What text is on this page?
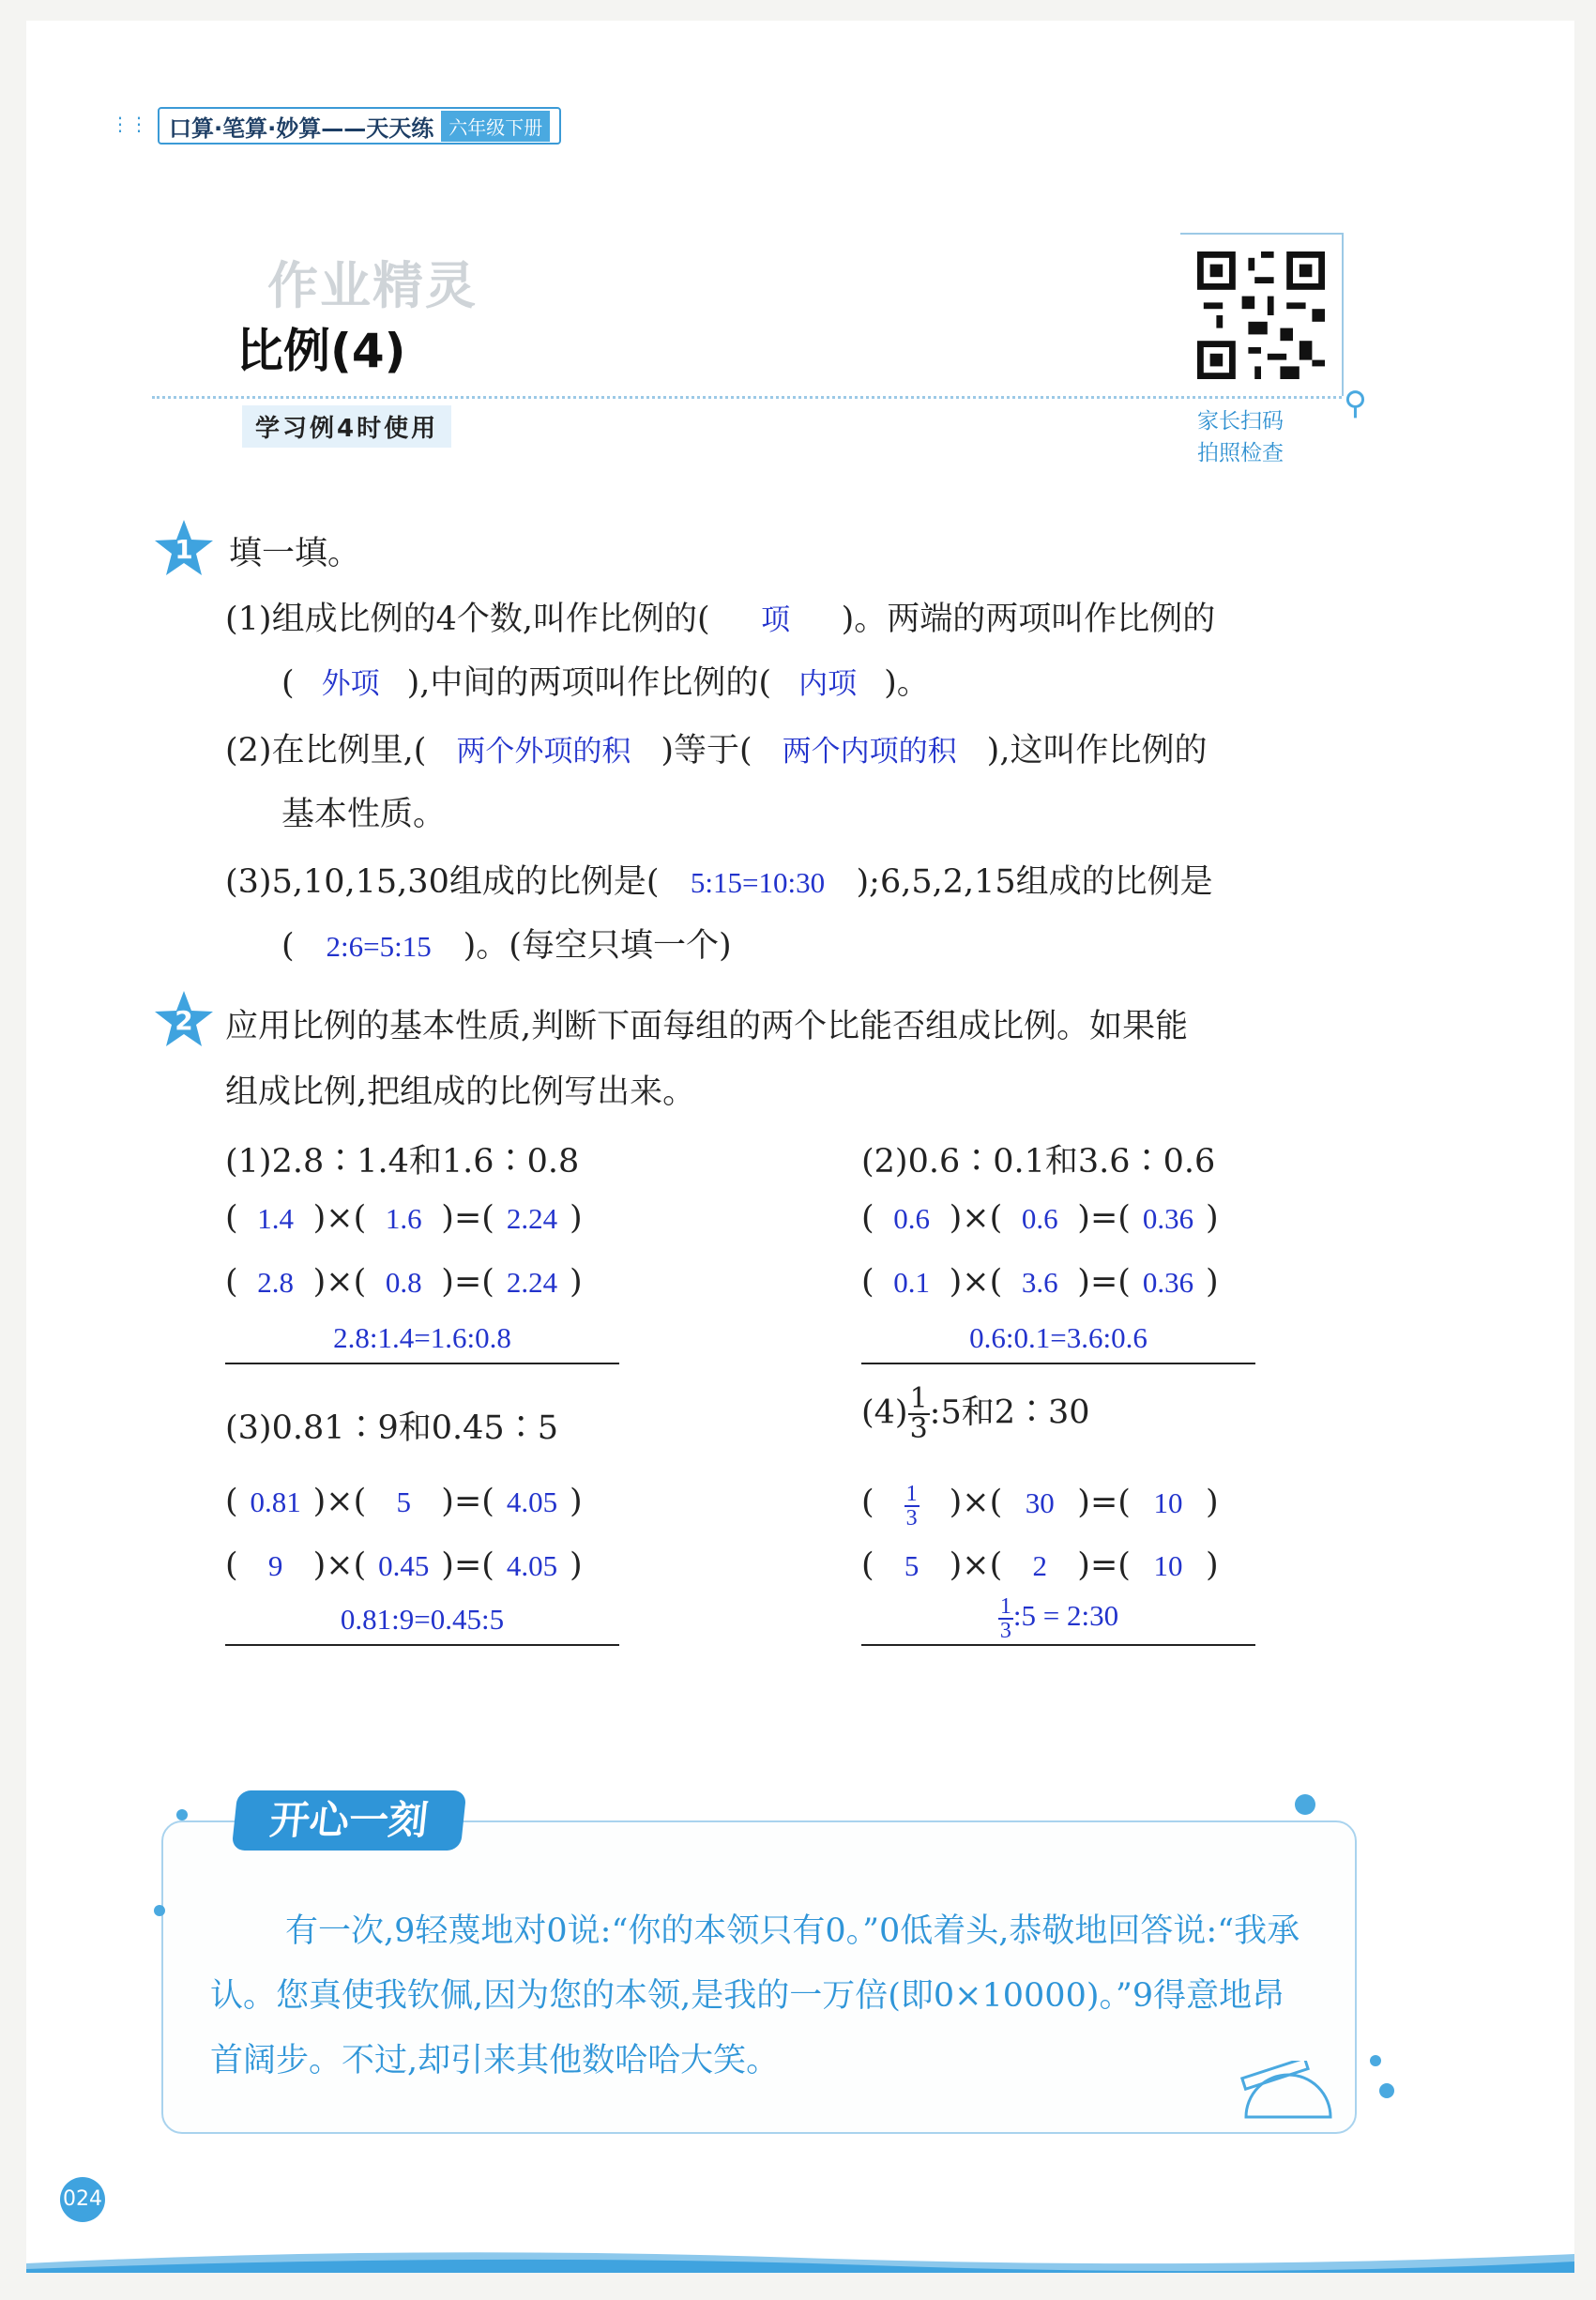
⋮⋮ 口算·笔算·妙算——天天练 六年级下册
作业精灵
比例(4)
学习例4时使用
⚲
家长扫码
拍照检查
1 填一填。
(1)组成比例的4个数,叫作比例的( 项 )。两端的两项叫作比例的
( 外项 ),中间的两项叫作比例的( 内项 )。
(2)在比例里,( 两个外项的积 )等于( 两个内项的积 ),这叫作比例的
基本性质。
(3)5,10,15,30组成的比例是( 5:15=10:30 );6,5,2,15组成的比例是
( 2:6=5:15 )。(每空只填一个)
2 应用比例的基本性质,判断下面每组的两个比能否组成比例。如果能
组成比例,把组成的比例写出来。
(1)2.8∶1.4和1.6∶0.8
( 1.4 )×( 1.6 )=( 2.24 )
( 2.8 )×( 0.8 )=( 2.24 )
2.8:1.4=1.6:0.8
(2)0.6∶0.1和3.6∶0.6
( 0.6 )×( 0.6 )=( 0.36 )
( 0.1 )×( 3.6 )=( 0.36 )
0.6:0.1=3.6:0.6
(3)0.81∶9和0.45∶5
( 0.81 )×( 5 )=( 4.05 )
( 9 )×( 0.45 )=( 4.05 )
0.81:9=0.45:5
$(4) \frac{1}{3}$ :5和2∶30
( $\frac{1}{3}$ )×( 30 )=( 10 )
( 5 )×( 2 )=( 10 )
$\frac{1}{3}$ :5 = 2:30
开心一刻
有一次,9轻蔑地对0说:“你的本领只有0。”0低着头,恭敬地回答说:“我承认。您真使我钦佩,因为您的本领,是我的一万倍(即0×10000)。”9得意地昂首阔步。不过,却引来其他数哈哈大笑。
024
